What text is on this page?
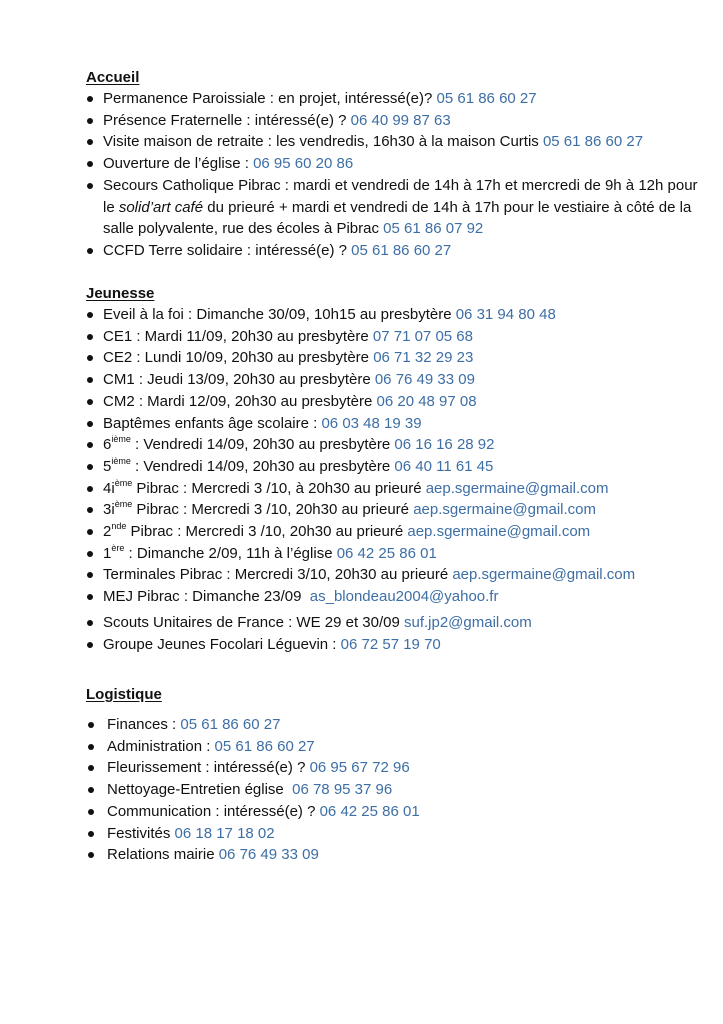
Accueil
Permanence Paroissiale : en projet, intéressé(e)? 05 61 86 60 27
Présence Fraternelle : intéressé(e) ? 06 40 99 87 63
Visite maison de retraite : les vendredis, 16h30 à la maison Curtis 05 61 86 60 27
Ouverture de l’église : 06 95 60 20 86
Secours Catholique Pibrac : mardi et vendredi de 14h à 17h et mercredi de 9h à 12h pour le solid’art café du prieuré + mardi et vendredi de 14h à 17h pour le vestiaire à côté de la salle polyvalente, rue des écoles à Pibrac 05 61 86 07 92
CCFD Terre solidaire : intéressé(e) ? 05 61 86 60 27
Jeunesse
Eveil à la foi : Dimanche 30/09, 10h15 au presbytère 06 31 94 80 48
CE1 : Mardi 11/09, 20h30 au presbytère 07 71 07 05 68
CE2 : Lundi 10/09, 20h30 au presbytère 06 71 32 29 23
CM1 : Jeudi 13/09, 20h30 au presbytère 06 76 49 33 09
CM2 : Mardi 12/09, 20h30 au presbytère 06 20 48 97 08
Baptêmes enfants âge scolaire : 06 03 48 19 39
6ième : Vendredi 14/09, 20h30 au presbytère 06 16 16 28 92
5ième : Vendredi 14/09, 20h30 au presbytère 06 40 11 61 45
$4i^{ème}$ Pibrac : Mercredi 3 /10, à 20h30 au prieuré aep.sgermaine@gmail.com
$3i^{ème}$ Pibrac : Mercredi 3 /10, 20h30 au prieuré aep.sgermaine@gmail.com
2nde Pibrac : Mercredi 3 /10, 20h30 au prieuré aep.sgermaine@gmail.com
1ère : Dimanche 2/09, 11h à l’église 06 42 25 86 01
Terminales Pibrac : Mercredi 3/10, 20h30 au prieuré aep.sgermaine@gmail.com
MEJ Pibrac : Dimanche 23/09  as_blondeau2004@yahoo.fr
Scouts Unitaires de France : WE 29 et 30/09 suf.jp2@gmail.com
Groupe Jeunes Focolari Léguevin : 06 72 57 19 70
Logistique
Finances : 05 61 86 60 27
Administration : 05 61 86 60 27
Fleurissement : intéressé(e) ? 06 95 67 72 96
Nettoyage-Entretien église  06 78 95 37 96
Communication : intéressé(e) ? 06 42 25 86 01
Festivités 06 18 17 18 02
Relations mairie 06 76 49 33 09
